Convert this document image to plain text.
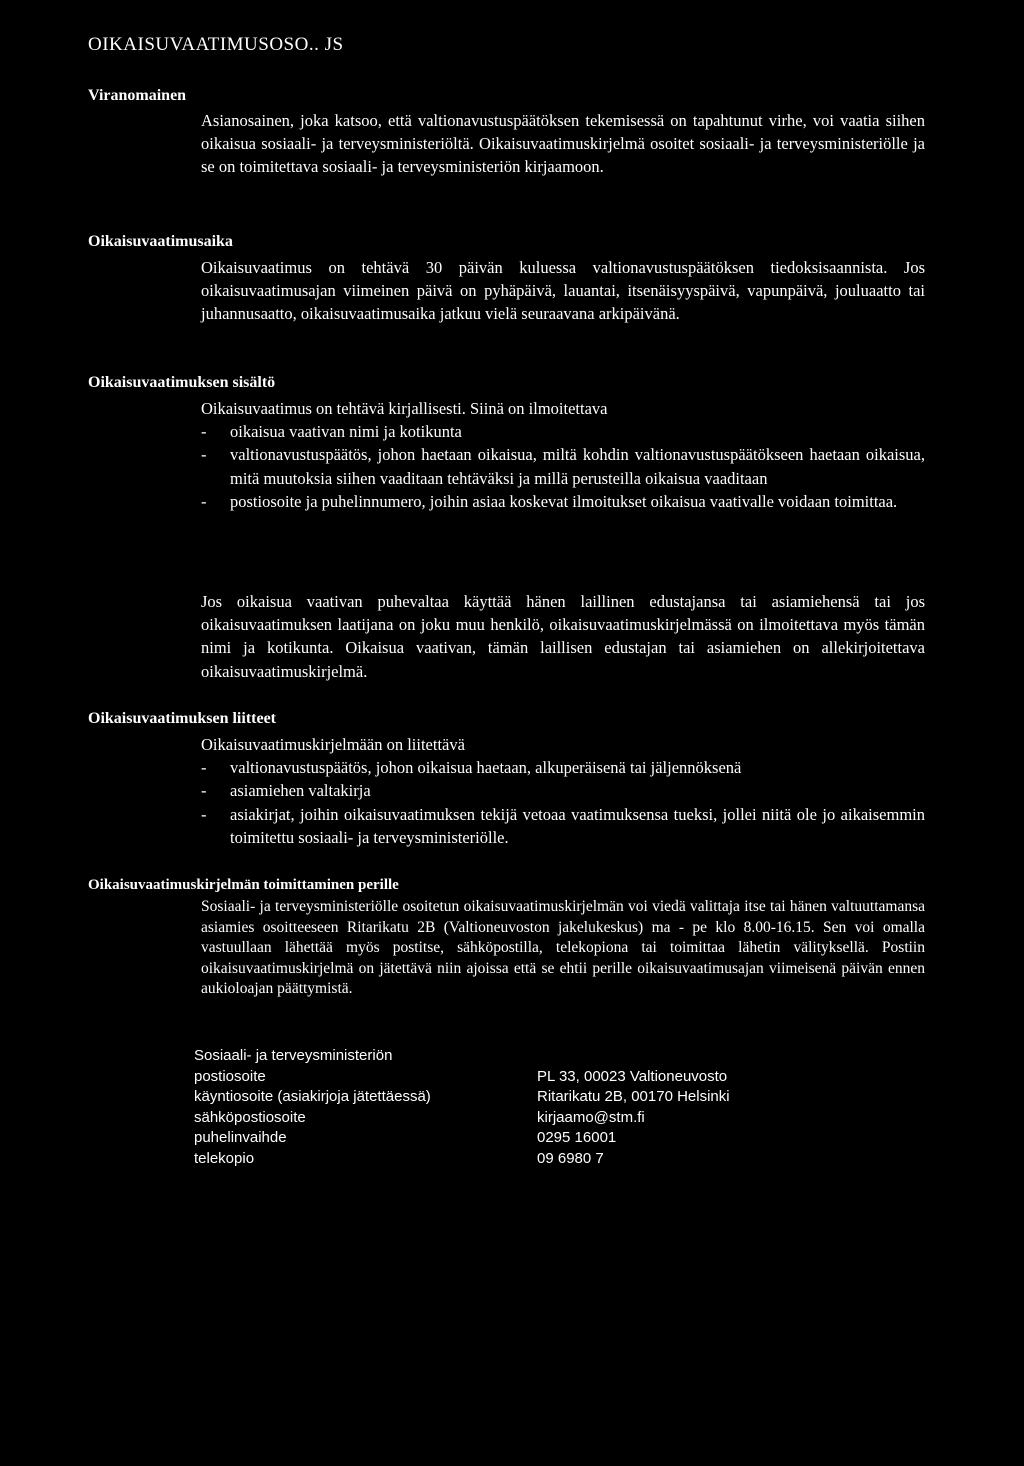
OIKAISUVAATIMUSOSO.. JS
Viranomainen

Asianosainen, joka katsoo, että valtionavustuspäätöksen tekemisessä on tapahtunut virhe, voi vaatia siihen oikaisua sosiaali- ja terveysministeriöltä. Oikaisuvaatimuskirjelmä osoitet sosiaali- ja terveysministeriölle ja se on toimitettava sosiaali- ja terveysministeriön kirjaamoon.

Oikaisuvaatimusaika

Oikaisuvaatimus on tehtävä 30 päivän kuluessa valtionavustuspäätöksen tiedoksisaannista. Jos oikaisuvaatimusajan viimeinen päivä on pyhäpäivä, lauantai, itsenäisyyspäivä, vapunpäivä, jouluaatto tai juhannusaatto, oikaisuvaatimusaika jatkuu vielä seuraavana arkipäivänä.

Oikaisuvaatimuksen sisältö

Oikaisuvaatimus on tehtävä kirjallisesti. Siinä on ilmoitettava

- oikaisua vaativan nimi ja kotikunta
- valtionavustuspäätös, johon haetaan oikaisua, miltä kohdin valtionavustuspäätökseen haetaan oikaisua, mitä muutoksia siihen vaaditaan tehtäväksi ja millä perusteilla oikaisua vaaditaan
- postiosoite ja puhelinnumero, joihin asiaa koskevat ilmoitukset oikaisua vaativalle voidaan toimittaa.

Jos oikaisua vaativan puhevaltaa käyttää hänen laillinen edustajansa tai asiamiehensä tai jos oikaisuvaatimuksen laatijana on joku muu henkilö, oikaisuvaatimuskirjelmässä on ilmoitettava myös tämän nimi ja kotikunta. Oikaisua vaativan, tämän laillisen edustajan tai asiamiehen on allekirjoitettava oikaisuvaatimuskirjelmä.

Oikaisuvaatimuksen liitteet

Oikaisuvaatimuskirjelmään on liitettävä

- valtionavustuspäätös, johon oikaisua haetaan, alkuperäisenä tai jäljennöksenä
- asiamiehen valtakirja
- asiakirjat, joihin oikaisuvaatimuksen tekijä vetoaa vaatimuksensa tueksi, jollei niitä ole jo aikaisemmin toimitettu sosiaali- ja terveysministeriölle.
Oikaisuvaatimuskirjelmän toimittaminen perille

Sosiaali- ja terveysministeriölle osoitetun oikaisuvaatimuskirjelmän voi viedä valittaja itse tai hänen valtuuttamansa asiamies osoitteeseen Ritarikatu 2B (Valtioneuvoston jakelukeskus) ma - pe klo 8.00-16.15. Sen voi omalla vastuullaan lähettää myös postitse, sähköpostilla, telekopiona tai toimittaa lähetin välityksellä. Postiin oikaisuvaatimuskirjelmä on jätettävä niin ajoissa että se ehtii perille oikaisuvaatimusajan viimeisenä päivän ennen aukioloajan päättymistä.

Sosiaali- ja terveysministeriön
postiosoite	PL 33, 00023 Valtioneuvosto
käyntiosoite (asiakirjoja jätettäessä)	Ritarikatu 2B, 00170 Helsinki
sähköpostiosoite	kirjaamo@stm.fi
puhelinvaihde	0295 16001
telekopio	09 6980 7
